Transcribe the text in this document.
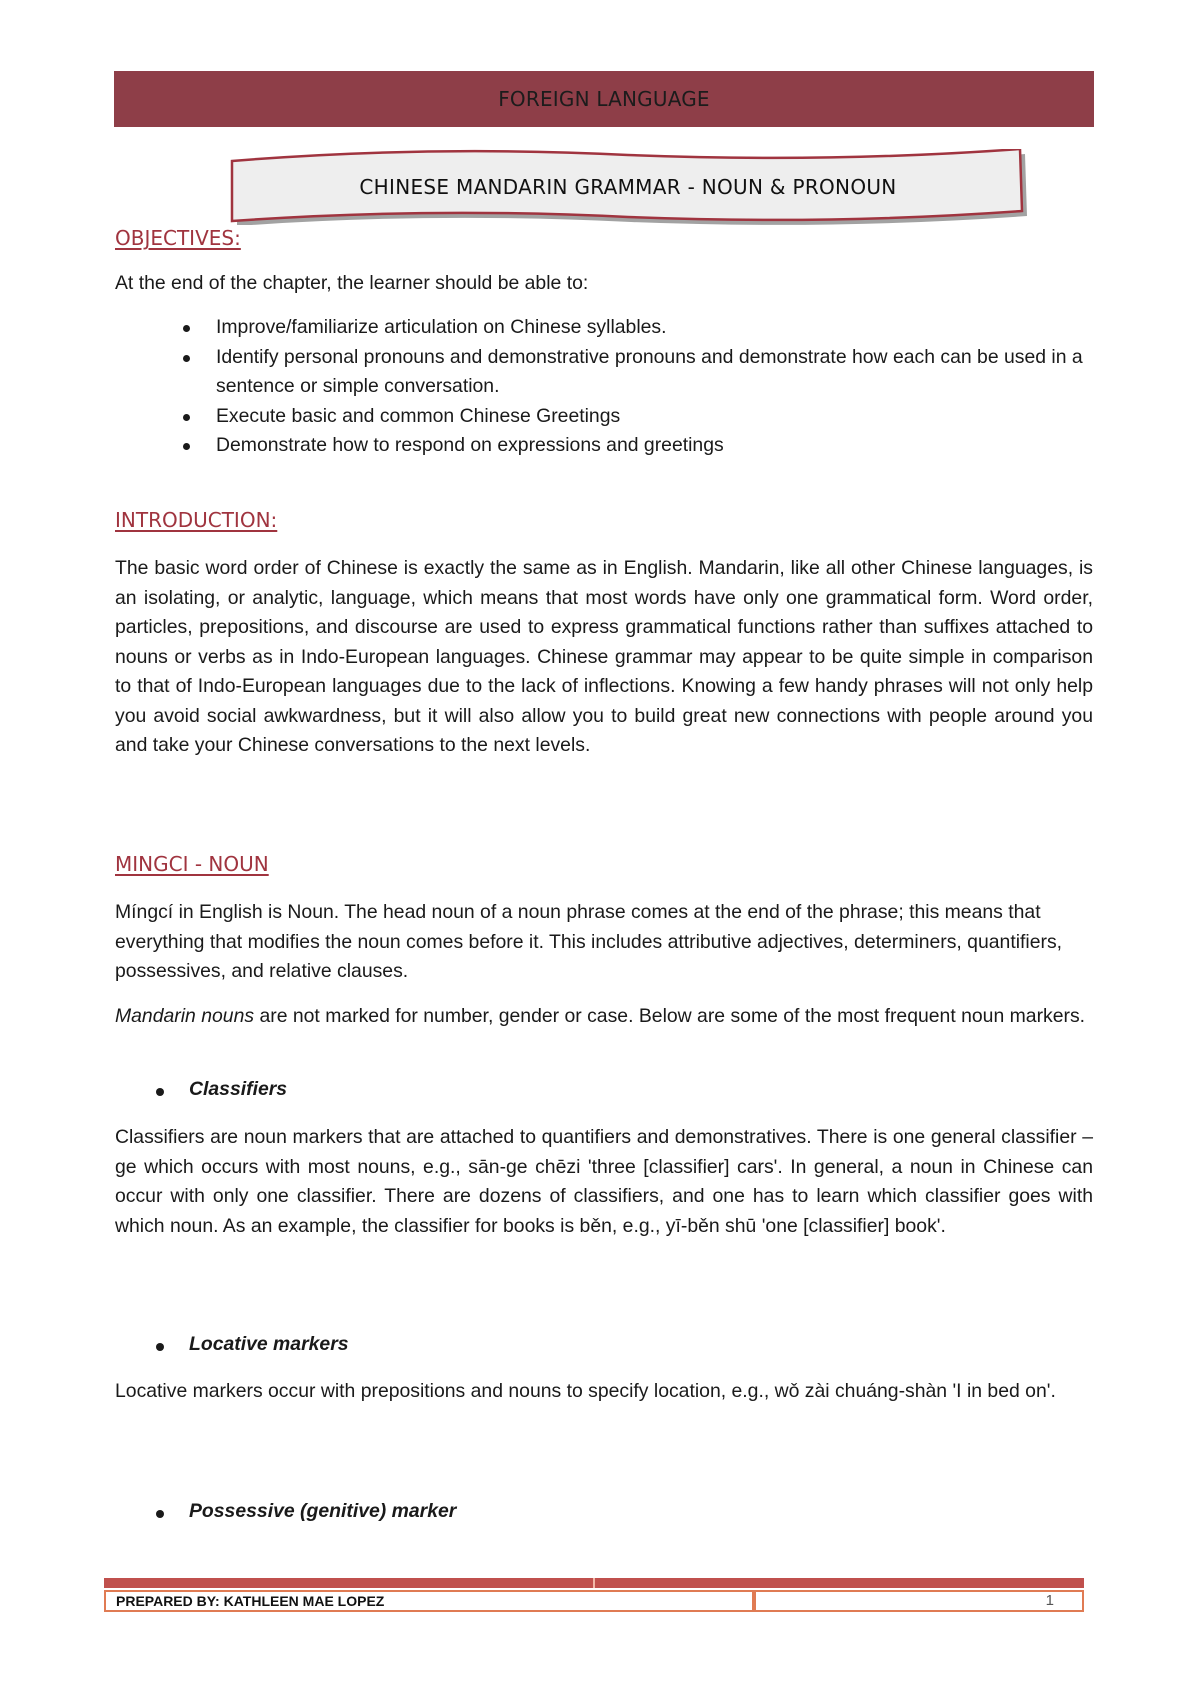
FOREIGN LANGUAGE
CHINESE MANDARIN GRAMMAR - NOUN & PRONOUN
OBJECTIVES:

At the end of the chapter, the learner should be able to:

Improve/familiarize articulation on Chinese syllables.
Identify personal pronouns and demonstrative pronouns and demonstrate how each can be used in a sentence or simple conversation.
Execute basic and common Chinese Greetings
Demonstrate how to respond on expressions and greetings
INTRODUCTION:

The basic word order of Chinese is exactly the same as in English. Mandarin, like all other Chinese languages, is an isolating, or analytic, language, which means that most words have only one grammatical form. Word order, particles, prepositions, and discourse are used to express grammatical functions rather than suffixes attached to nouns or verbs as in Indo-European languages. Chinese grammar may appear to be quite simple in comparison to that of Indo-European languages due to the lack of inflections. Knowing a few handy phrases will not only help you avoid social awkwardness, but it will also allow you to build great new connections with people around you and take your Chinese conversations to the next levels.

MINGCI - NOUN

Míngcí in English is Noun. The head noun of a noun phrase comes at the end of the phrase; this means that everything that modifies the noun comes before it. This includes attributive adjectives, determiners, quantifiers, possessives, and relative clauses.

Mandarin nouns are not marked for number, gender or case. Below are some of the most frequent noun markers.

Classifiers

Classifiers are noun markers that are attached to quantifiers and demonstratives. There is one general classifier –ge which occurs with most nouns, e.g., sān-ge chēzi 'three [classifier] cars'. In general, a noun in Chinese can occur with only one classifier. There are dozens of classifiers, and one has to learn which classifier goes with which noun. As an example, the classifier for books is běn, e.g., yī-běn shū 'one [classifier] book'.

Locative markers

Locative markers occur with prepositions and nouns to specify location, e.g., wǒ zài chuáng-shàn 'I in bed on'.

Possessive (genitive) marker
PREPARED BY: KATHLEEN MAE LOPEZ	1
